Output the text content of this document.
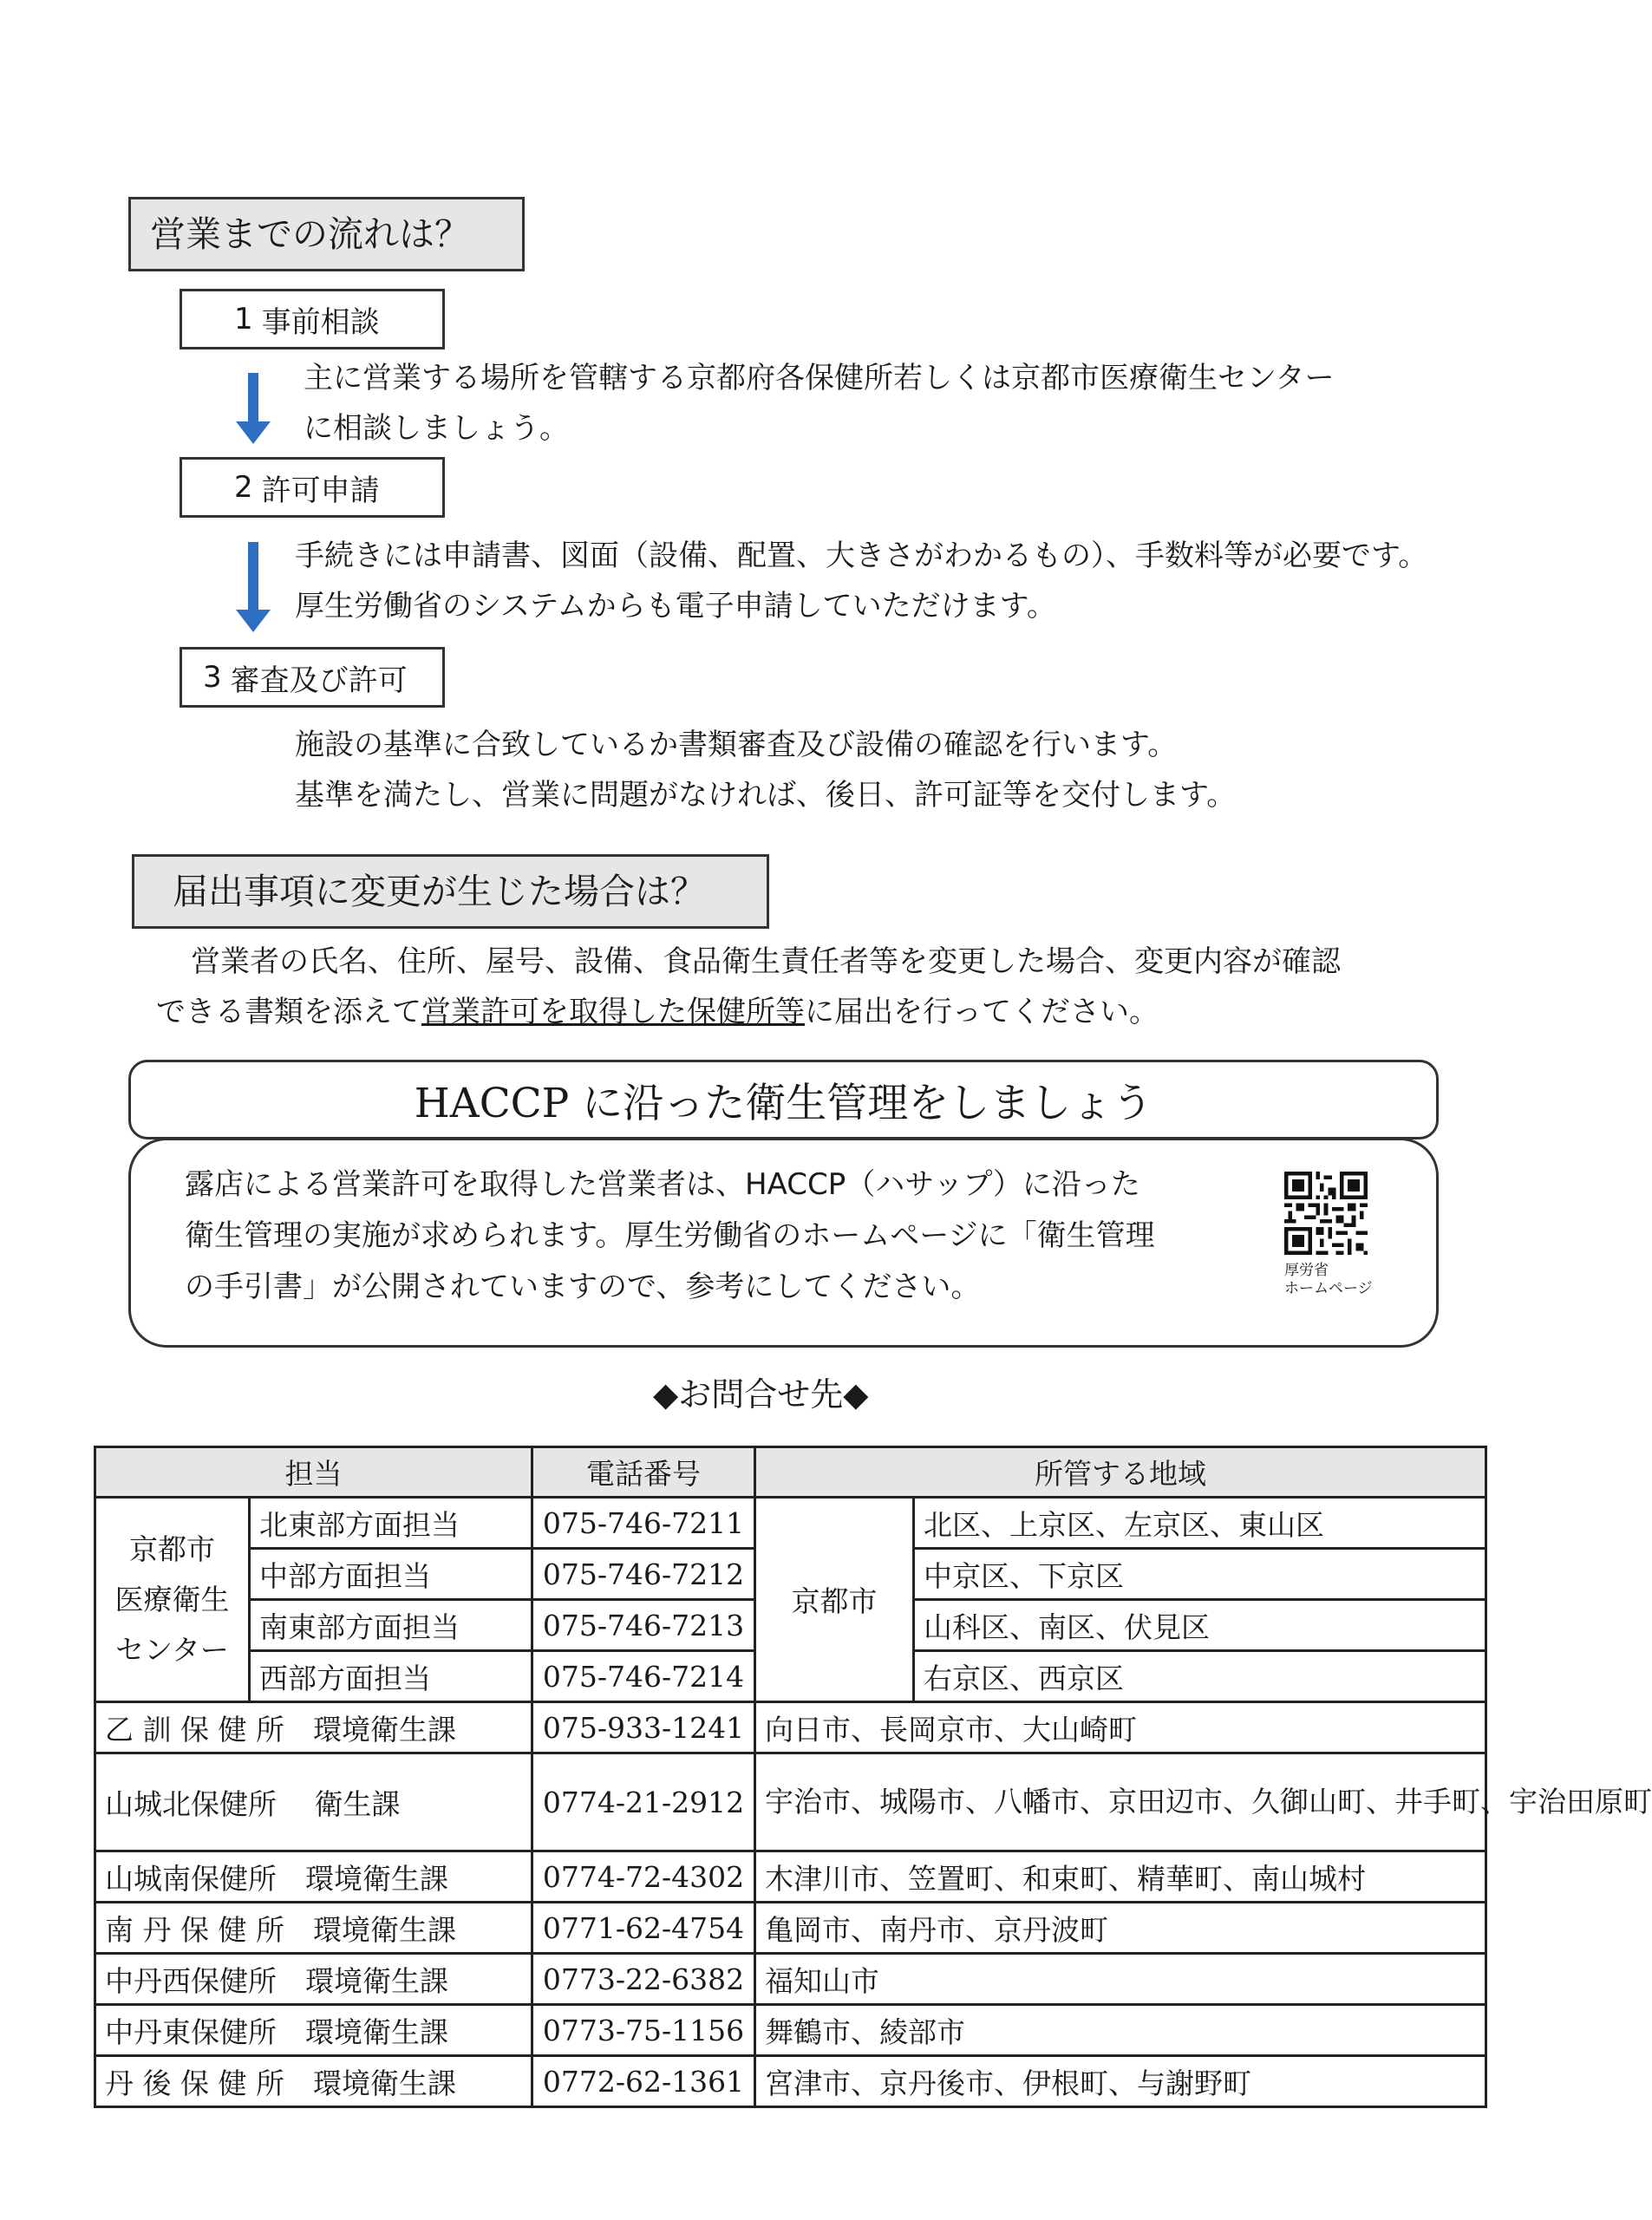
営業までの流れは？
1 事前相談
主に営業する場所を管轄する京都府各保健所若しくは京都市医療衛生センター
に相談しましょう。
2 許可申請
手続きには申請書、図面（設備、配置、大きさがわかるもの）、手数料等が必要です。
厚生労働省のシステムからも電子申請していただけます。
3 審査及び許可
施設の基準に合致しているか書類審査及び設備の確認を行います。
基準を満たし、営業に問題がなければ、後日、許可証等を交付します。
届出事項に変更が生じた場合は？
営業者の氏名、住所、屋号、設備、食品衛生責任者等を変更した場合、変更内容が確認
できる書類を添えて営業許可を取得した保健所等に届出を行ってください。
HACCP に沿った衛生管理をしましょう
露店による営業許可を取得した営業者は、HACCP（ハサップ）に沿った
衛生管理の実施が求められます。厚生労働省のホームページに「衛生管理
の手引書」が公開されていますので、参考にしてください。	厚労省
ホームページ
◆お問合せ先◆
担当		電話番号	所管する地域	

京都市
医療衛生
センター	北東部方面担当	075-746-7211	京都市	北区、上京区、左京区、東山区
	中部方面担当	075-746-7212		中京区、下京区
	南東部方面担当	075-746-7213		山科区、南区、伏見区
	西部方面担当	075-746-7214		右京区、西京区
乙 訓 保 健 所　環境衛生課		075-933-1241	向日市、長岡京市、大山崎町	
山城北保健所　 衛生課		0774-21-2912	宇治市、城陽市、八幡市、京田辺市、久御山町、井手町、宇治田原町	
山城南保健所　環境衛生課		0774-72-4302	木津川市、笠置町、和束町、精華町、南山城村	
南 丹 保 健 所　環境衛生課		0771-62-4754	亀岡市、南丹市、京丹波町	
中丹西保健所　環境衛生課		0773-22-6382	福知山市	
中丹東保健所　環境衛生課		0773-75-1156	舞鶴市、綾部市	
丹 後 保 健 所　環境衛生課		0772-62-1361	宮津市、京丹後市、伊根町、与謝野町	
